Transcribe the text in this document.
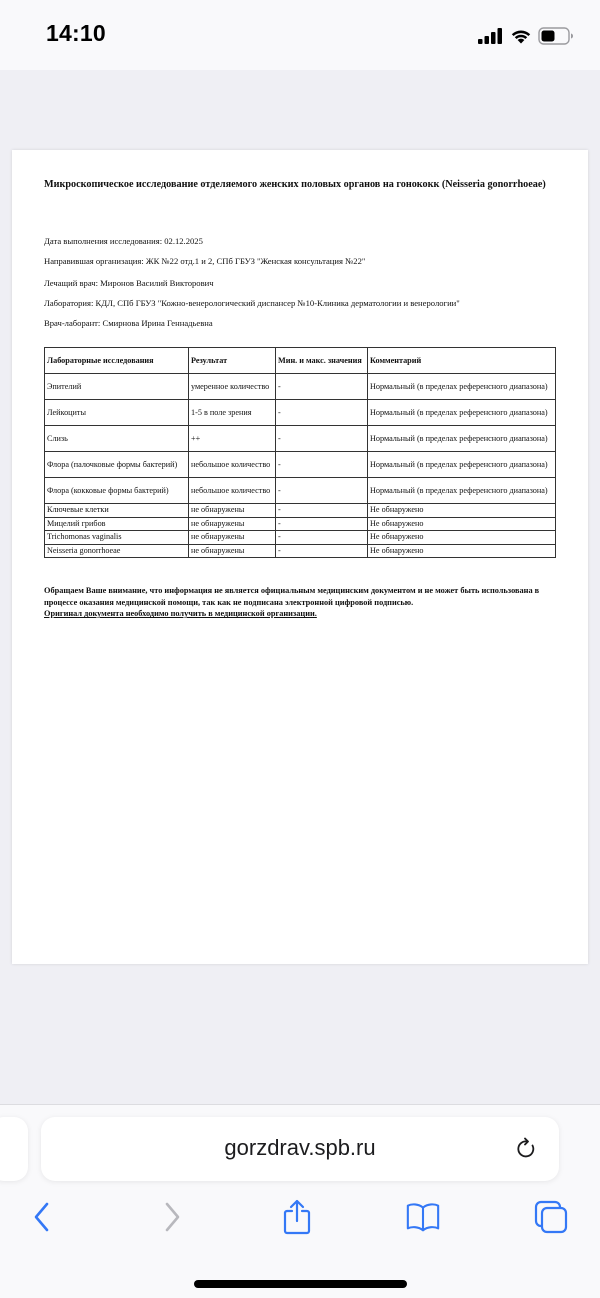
14:10
Микроскопическое исследование отделяемого женских половых органов на гонококк (Neisseria gonorrhoeae)
Дата выполнения исследования: 02.12.2025
Направившая организация: ЖК №22 отд.1 и 2, СПб ГБУЗ "Женская консультация №22"
Лечащий врач: Миронов Василий Викторович
Лаборатория: КДЛ, СПб ГБУЗ "Кожно-венерологический диспансер №10-Клиника дерматологии и венерологии"
Врач-лаборант: Смирнова Ирина Геннадьевна
Лабораторные исследования	Результат	Мин. и макс. значения	Комментарий
Эпителий	умеренное количество	-	Нормальный (в пределах референсного диапазона)
Лейкоциты	1-5 в поле зрения	-	Нормальный (в пределах референсного диапазона)
Слизь	++	-	Нормальный (в пределах референсного диапазона)
Флора (палочковые формы бактерий)	небольшое количество	-	Нормальный (в пределах референсного диапазона)
Флора (кокковые формы бактерий)	небольшое количество	-	Нормальный (в пределах референсного диапазона)
Ключевые клетки	не обнаружены	-	Не обнаружено
Мицелий грибов	не обнаружены	-	Не обнаружено
Trichomonas vaginalis	не обнаружены	-	Не обнаружено
Neisseria gonorrhoeae	не обнаружены	-	Не обнаружено
Обращаем Ваше внимание, что информация не является официальным медицинским документом и не может быть использована в процессе оказания медицинской помощи, так как не подписана электронной цифровой подписью.
Оригинал документа необходимо получить в медицинской организации.
gorzdrav.spb.ru
